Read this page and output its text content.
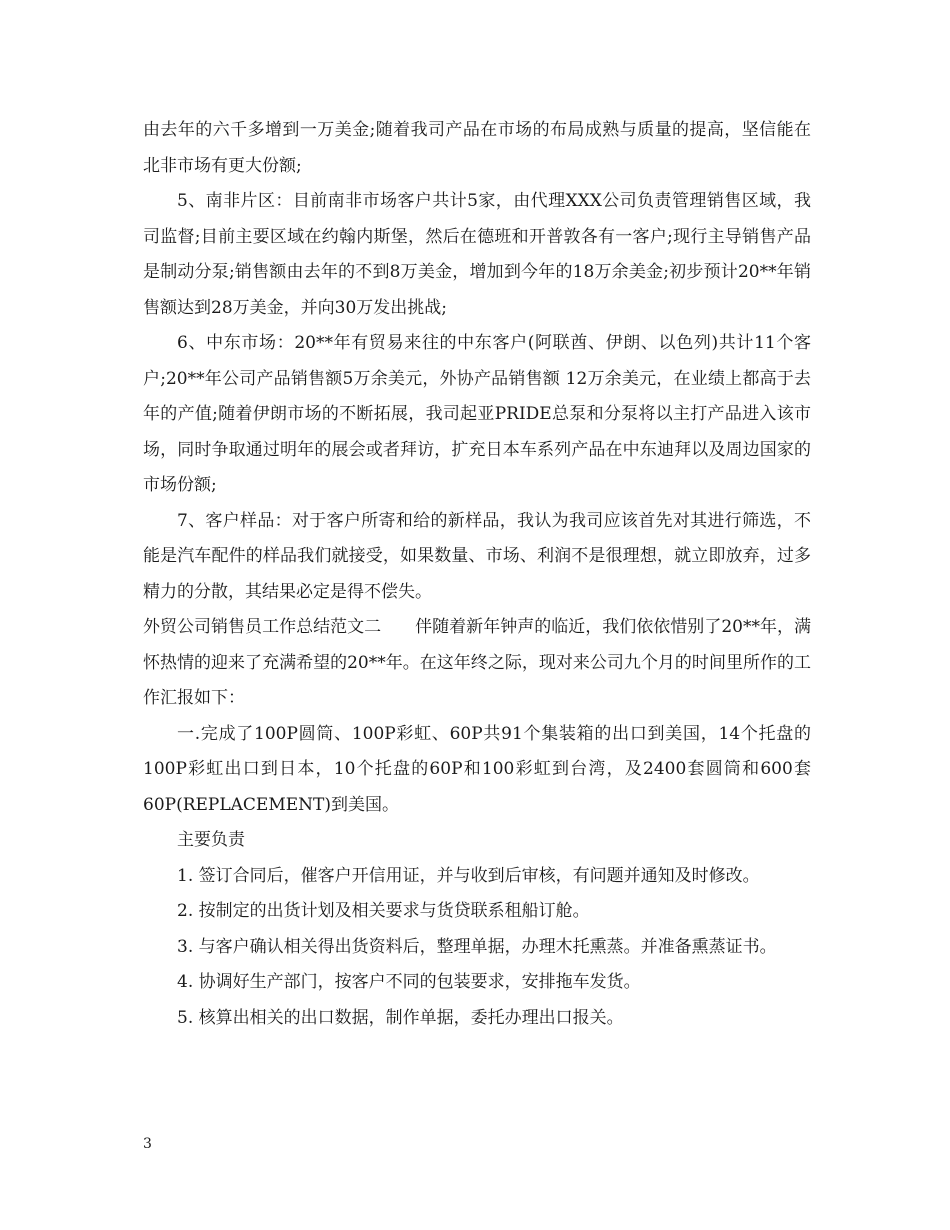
由去年的六千多增到一万美金;随着我司产品在市场的布局成熟与质量的提高，坚信能在北非市场有更大份额;

5、南非片区：目前南非市场客户共计5家，由代理XXX公司负责管理销售区域，我司监督;目前主要区域在约翰内斯堡，然后在德班和开普敦各有一客户;现行主导销售产品是制动分泵;销售额由去年的不到8万美金，增加到今年的18万余美金;初步预计20**年销售额达到28万美金，并向30万发出挑战;

6、中东市场：20**年有贸易来往的中东客户(阿联酋、伊朗、以色列)共计11个客户;20**年公司产品销售额5万余美元，外协产品销售额 12万余美元，在业绩上都高于去年的产值;随着伊朗市场的不断拓展，我司起亚PRIDE总泵和分泵将以主打产品进入该市场，同时争取通过明年的展会或者拜访，扩充日本车系列产品在中东迪拜以及周边国家的市场份额;

7、客户样品：对于客户所寄和给的新样品，我认为我司应该首先对其进行筛选，不能是汽车配件的样品我们就接受，如果数量、市场、利润不是很理想，就立即放弃，过多精力的分散，其结果必定是得不偿失。

外贸公司销售员工作总结范文二　　伴随着新年钟声的临近，我们依依惜别了20**年，满怀热情的迎来了充满希望的20**年。在这年终之际，现对来公司九个月的时间里所作的工作汇报如下：

一.完成了100P圆筒、100P彩虹、60P共91个集装箱的出口到美国，14个托盘的100P彩虹出口到日本，10个托盘的60P和100彩虹到台湾，及2400套圆筒和600套60P(REPLACEMENT)到美国。

主要负责

1. 签订合同后，催客户开信用证，并与收到后审核，有问题并通知及时修改。

2. 按制定的出货计划及相关要求与货贷联系租船订舱。

3. 与客户确认相关得出货资料后，整理单据，办理木托熏蒸。并准备熏蒸证书。

4. 协调好生产部门，按客户不同的包装要求，安排拖车发货。

5. 核算出相关的出口数据，制作单据，委托办理出口报关。

3
